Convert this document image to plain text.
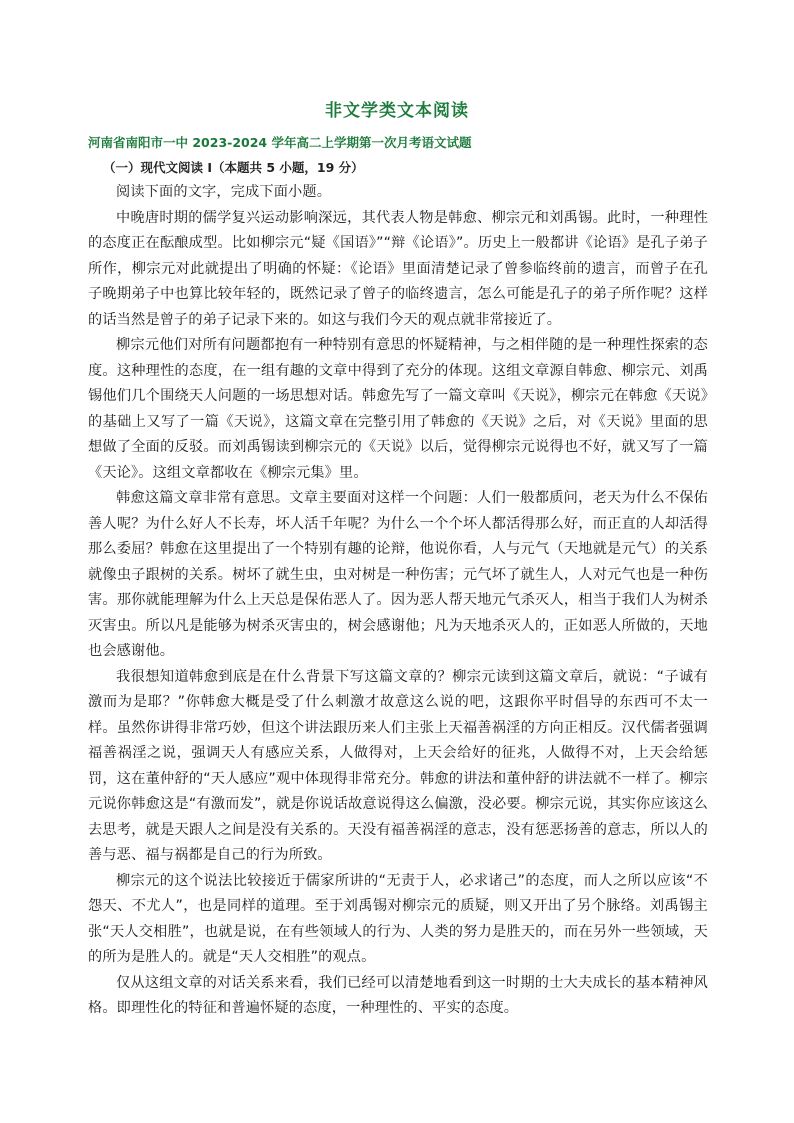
非文学类文本阅读
河南省南阳市一中 2023-2024 学年高二上学期第一次月考语文试题
（一）现代文阅读 I（本题共 5 小题，19 分）

阅读下面的文字，完成下面小题。

中晚唐时期的儒学复兴运动影响深远，其代表人物是韩愈、柳宗元和刘禹锡。此时，一种理性的态度正在酝酿成型。比如柳宗元“疑《国语》”“辩《论语》”。历史上一般都讲《论语》是孔子弟子所作，柳宗元对此就提出了明确的怀疑：《论语》里面清楚记录了曾参临终前的遗言，而曾子在孔子晚期弟子中也算比较年轻的，既然记录了曾子的临终遗言，怎么可能是孔子的弟子所作呢？这样的话当然是曾子的弟子记录下来的。如这与我们今天的观点就非常接近了。

柳宗元他们对所有问题都抱有一种特别有意思的怀疑精神，与之相伴随的是一种理性探索的态度。这种理性的态度，在一组有趣的文章中得到了充分的体现。这组文章源自韩愈、柳宗元、刘禹锡他们几个围绕天人问题的一场思想对话。韩愈先写了一篇文章叫《天说》，柳宗元在韩愈《天说》的基础上又写了一篇《天说》，这篇文章在完整引用了韩愈的《天说》之后，对《天说》里面的思想做了全面的反驳。而刘禹锡读到柳宗元的《天说》以后，觉得柳宗元说得也不好，就又写了一篇《天论》。这组文章都收在《柳宗元集》里。

韩愈这篇文章非常有意思。文章主要面对这样一个问题：人们一般都质问，老天为什么不保佑善人呢？为什么好人不长寿，坏人活千年呢？为什么一个个坏人都活得那么好，而正直的人却活得那么委屈？韩愈在这里提出了一个特别有趣的论辩，他说你看，人与元气（天地就是元气）的关系就像虫子跟树的关系。树坏了就生虫，虫对树是一种伤害；元气坏了就生人，人对元气也是一种伤害。那你就能理解为什么上天总是保佑恶人了。因为恶人帮天地元气杀灭人，相当于我们人为树杀灭害虫。所以凡是能够为树杀灭害虫的，树会感谢他；凡为天地杀灭人的，正如恶人所做的，天地也会感谢他。

我很想知道韩愈到底是在什么背景下写这篇文章的？柳宗元读到这篇文章后，就说：“子诚有激而为是耶？”你韩愈大概是受了什么刺激才故意这么说的吧，这跟你平时倡导的东西可不太一样。虽然你讲得非常巧妙，但这个讲法跟历来人们主张上天福善祸淫的方向正相反。汉代儒者强调福善祸淫之说，强调天人有感应关系，人做得对，上天会给好的征兆，人做得不对，上天会给惩罚，这在董仲舒的“天人感应”观中体现得非常充分。韩愈的讲法和董仲舒的讲法就不一样了。柳宗元说你韩愈这是“有激而发”，就是你说话故意说得这么偏激，没必要。柳宗元说，其实你应该这么去思考，就是天跟人之间是没有关系的。天没有福善祸淫的意志，没有惩恶扬善的意志，所以人的善与恶、福与祸都是自己的行为所致。

柳宗元的这个说法比较接近于儒家所讲的“无责于人，必求诸己”的态度，而人之所以应该“不怨天、不尤人”，也是同样的道理。至于刘禹锡对柳宗元的质疑，则又开出了另个脉络。刘禹锡主张“天人交相胜”，也就是说，在有些领域人的行为、人类的努力是胜天的，而在另外一些领域，天的所为是胜人的。就是“天人交相胜”的观点。

仅从这组文章的对话关系来看，我们已经可以清楚地看到这一时期的士大夫成长的基本精神风格。即理性化的特征和普遍怀疑的态度，一种理性的、平实的态度。
